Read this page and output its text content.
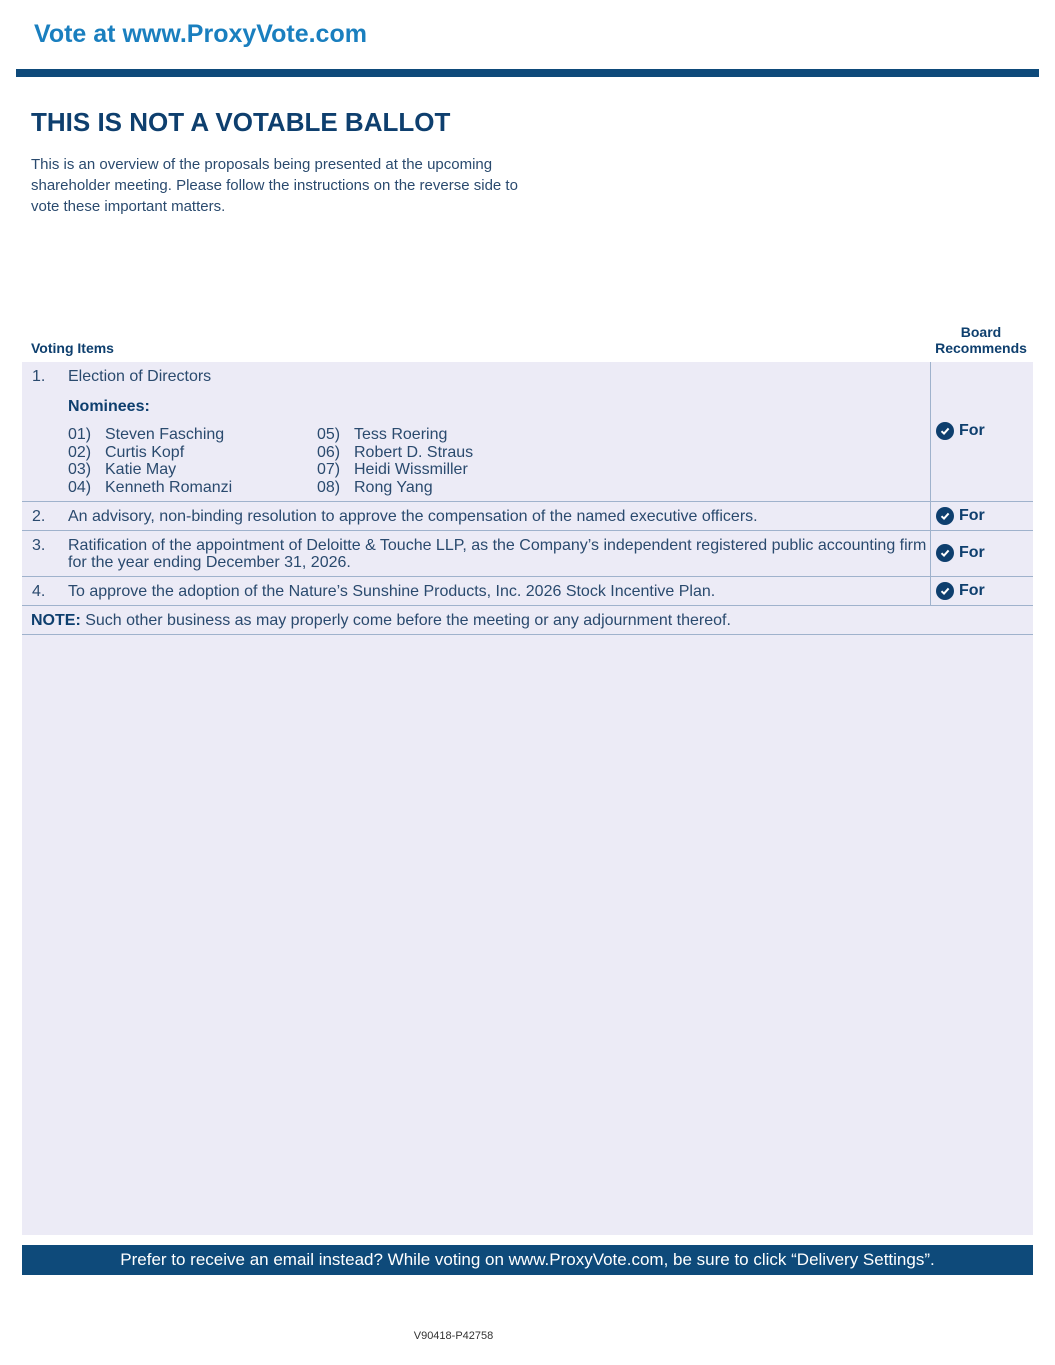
Vote at www.ProxyVote.com
THIS IS NOT A VOTABLE BALLOT
This is an overview of the proposals being presented at the upcoming shareholder meeting. Please follow the instructions on the reverse side to vote these important matters.
Voting Items
Board
Recommends
1. Election of Directors
Nominees:
01) Steven Fasching
02) Curtis Kopf
03) Katie May
04) Kenneth Romanzi
05) Tess Roering
06) Robert D. Straus
07) Heidi Wissmiller
08) Rong Yang
For
2. An advisory, non-binding resolution to approve the compensation of the named executive officers.	For
3. Ratification of the appointment of Deloitte & Touche LLP, as the Company’s independent registered public accounting firm for the year ending December 31, 2026.
For
4. To approve the adoption of the Nature’s Sunshine Products, Inc. 2026 Stock Incentive Plan.	For
NOTE: Such other business as may properly come before the meeting or any adjournment thereof.
Prefer to receive an email instead? While voting on www.ProxyVote.com, be sure to click “Delivery Settings”.
V90418-P42758
